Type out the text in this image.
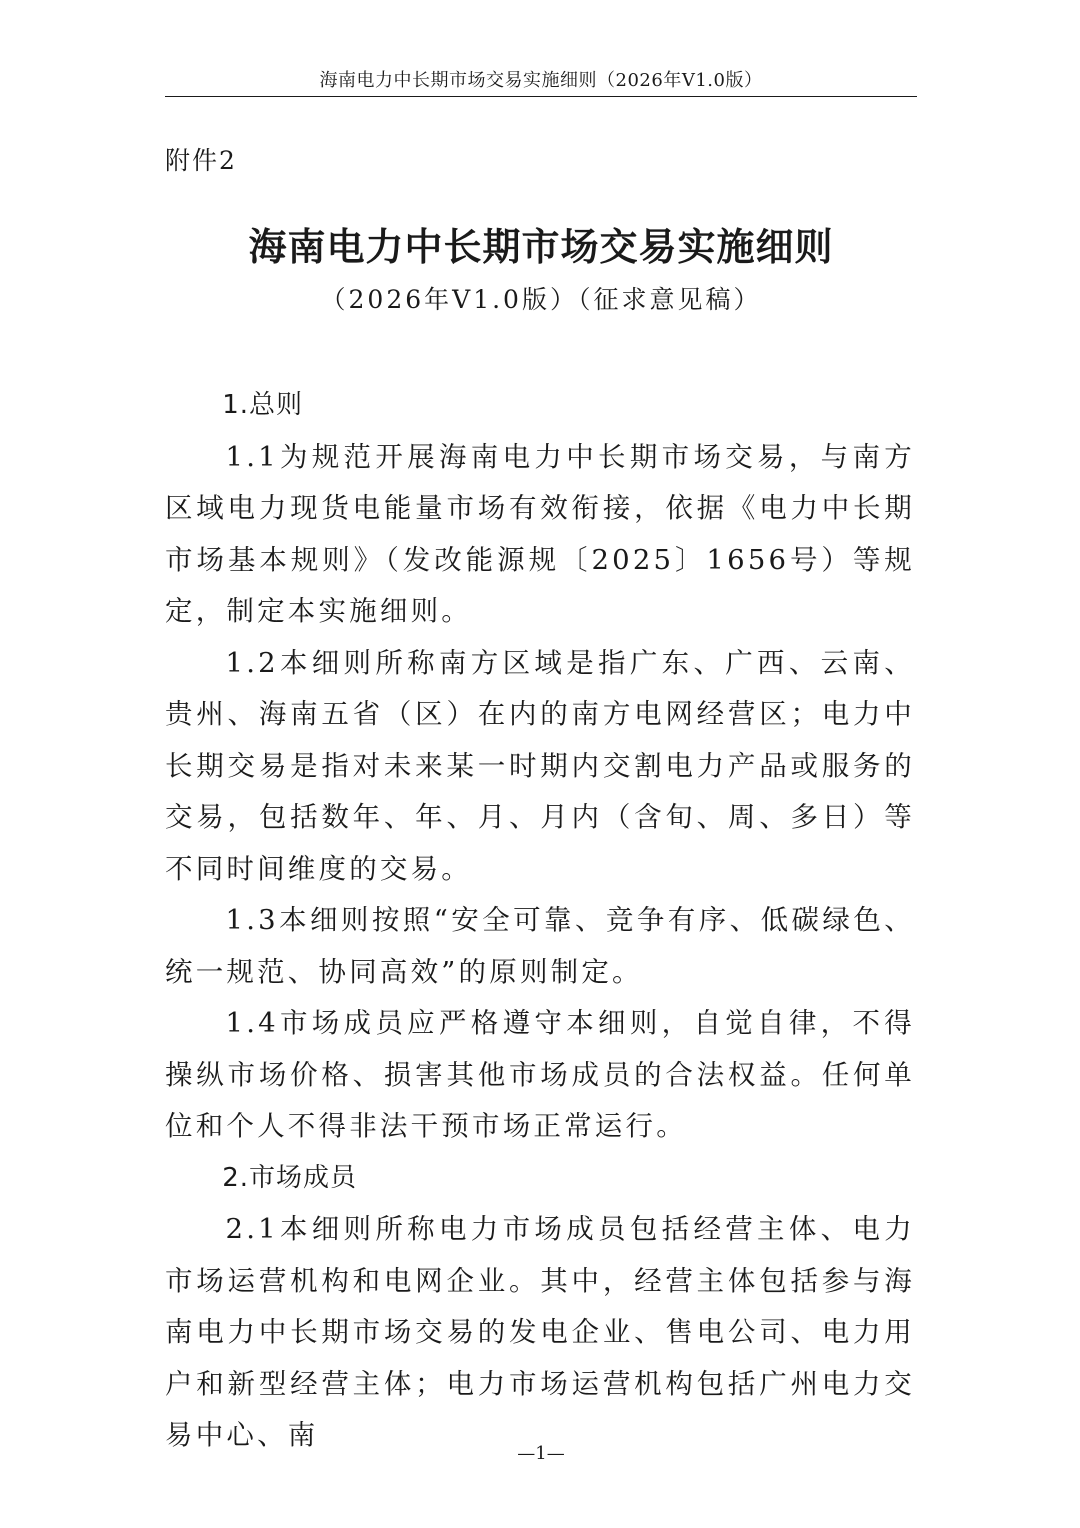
海南电力中长期市场交易实施细则（2026年V1.0版）
附件2
海南电力中长期市场交易实施细则
（2026年V1.0版）（征求意见稿）

1.总则

1.1为规范开展海南电力中长期市场交易，与南方区域电力现货电能量市场有效衔接，依据《电力中长期市场基本规则》（发改能源规〔2025〕1656号）等规定，制定本实施细则。

1.2本细则所称南方区域是指广东、广西、云南、贵州、海南五省（区）在内的南方电网经营区；电力中长期交易是指对未来某一时期内交割电力产品或服务的交易，包括数年、年、月、月内（含旬、周、多日）等不同时间维度的交易。

1.3本细则按照“安全可靠、竞争有序、低碳绿色、统一规范、协同高效”的原则制定。

1.4市场成员应严格遵守本细则，自觉自律，不得操纵市场价格、损害其他市场成员的合法权益。任何单位和个人不得非法干预市场正常运行。

2.市场成员

2.1本细则所称电力市场成员包括经营主体、电力市场运营机构和电网企业。其中，经营主体包括参与海南电力中长期市场交易的发电企业、售电公司、电力用户和新型经营主体；电力市场运营机构包括广州电力交易中心、南

—1—
